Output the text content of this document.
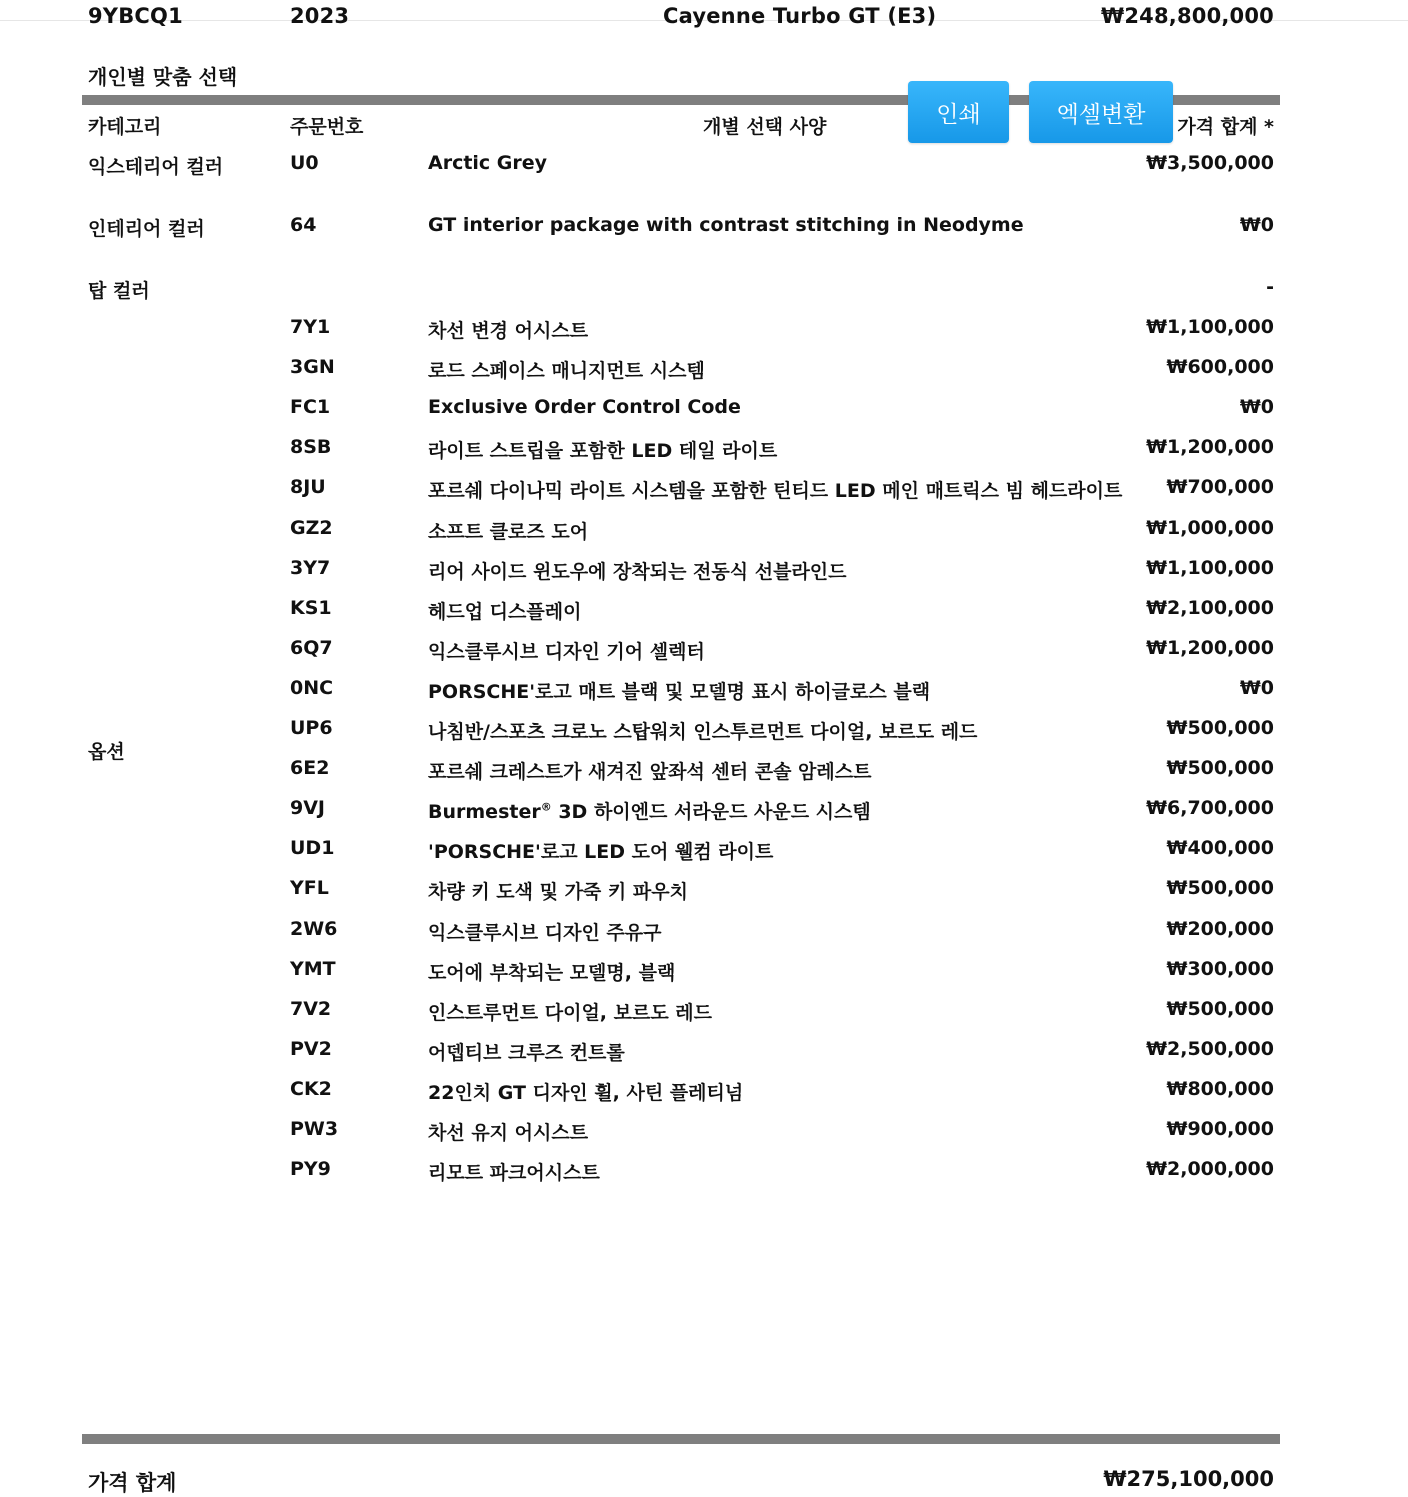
9YBCQ1	2023	Cayenne Turbo GT (E3)	₩248,800,000
개인별 맞춤 선택
카테고리	주문번호	개별 선택 사양	가격 합계 *
인쇄	엑셀변환
익스테리어 컬러	U0	Arctic Grey	₩3,500,000
인테리어 컬러	64	GT interior package with contrast stitching in Neodyme	₩0
탑 컬러	-
7Y1	차선 변경 어시스트	₩1,100,000
3GN	로드 스페이스 매니지먼트 시스템	₩600,000
FC1	Exclusive Order Control Code	₩0
8SB	라이트 스트립을 포함한 LED 테일 라이트	₩1,200,000
8JU	포르쉐 다이나믹 라이트 시스템을 포함한 틴티드 LED 메인 매트릭스 빔 헤드라이트 ₩700,000
GZ2	소프트 클로즈 도어	₩1,000,000
3Y7	리어 사이드 윈도우에 장착되는 전동식 선블라인드	₩1,100,000
KS1	헤드업 디스플레이	₩2,100,000
6Q7	익스클루시브 디자인 기어 셀렉터	₩1,200,000
0NC	PORSCHE'로고 매트 블랙 및 모델명 표시 하이글로스 블랙	₩0
UP6	나침반/스포츠 크로노 스탑워치 인스투르먼트 다이얼, 보르도 레드	₩500,000
6E2	포르쉐 크레스트가 새겨진 앞좌석 센터 콘솔 암레스트	₩500,000
9VJ	Burmester® 3D 하이엔드 서라운드 사운드 시스템	₩6,700,000
UD1	'PORSCHE'로고 LED 도어 웰컴 라이트	₩400,000
YFL	차량 키 도색 및 가죽 키 파우치	₩500,000
2W6	익스클루시브 디자인 주유구	₩200,000
YMT	도어에 부착되는 모델명, 블랙	₩300,000
7V2	인스트루먼트 다이얼, 보르도 레드	₩500,000
PV2	어뎁티브 크루즈 컨트롤	₩2,500,000
CK2	22인치 GT 디자인 휠, 사틴 플레티넘	₩800,000
PW3	차선 유지 어시스트	₩900,000
PY9	리모트 파크어시스트	₩2,000,000
옵션
가격 합계	₩275,100,000
